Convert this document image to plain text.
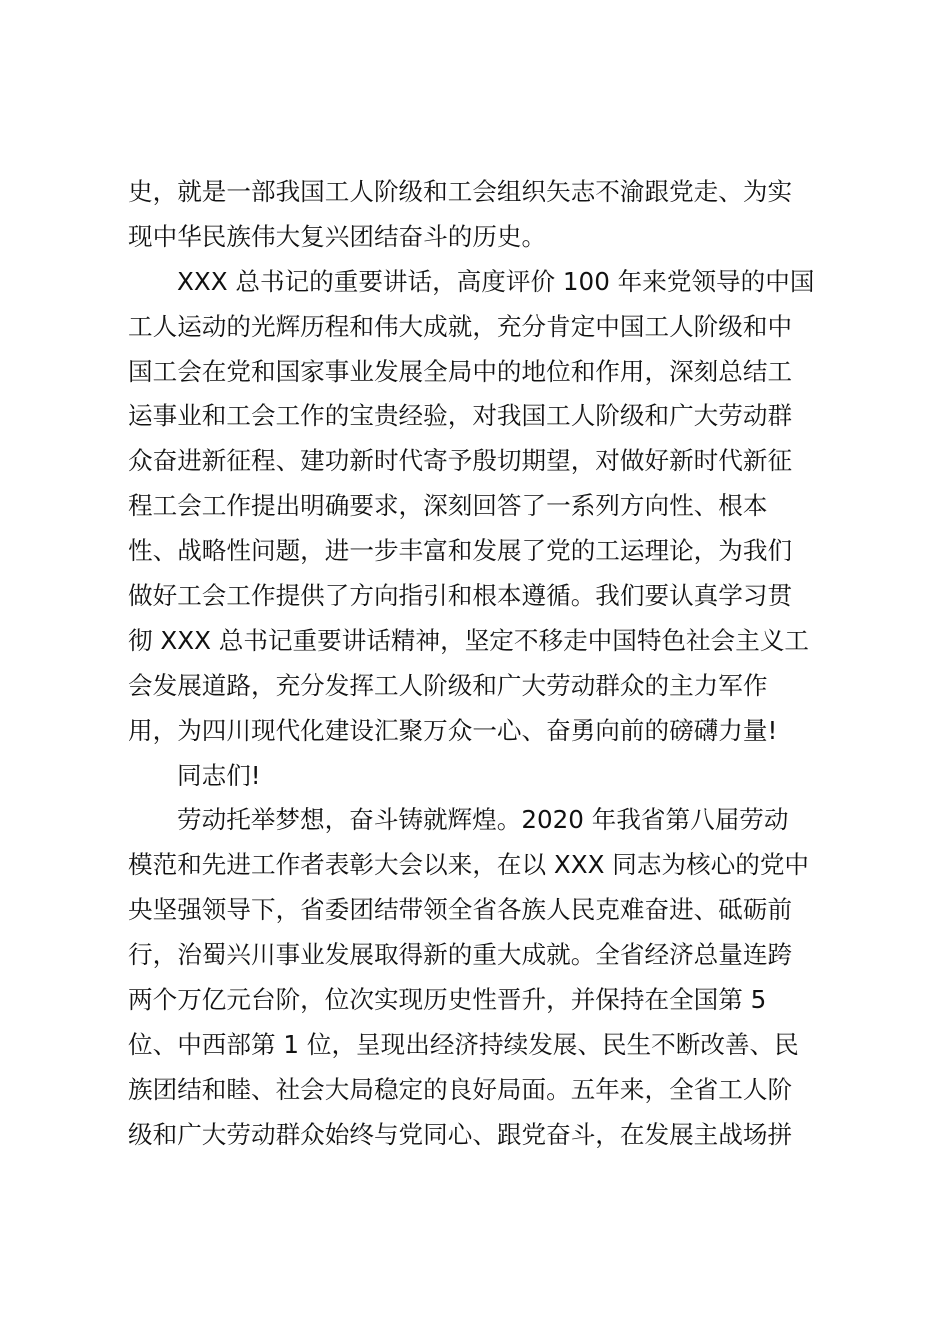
史，就是一部我国工人阶级和工会组织矢志不渝跟党走、为实
现中华民族伟大复兴团结奋斗的历史。
XXX 总书记的重要讲话，高度评价 100 年来党领导的中国
工人运动的光辉历程和伟大成就，充分肯定中国工人阶级和中
国工会在党和国家事业发展全局中的地位和作用，深刻总结工
运事业和工会工作的宝贵经验，对我国工人阶级和广大劳动群
众奋进新征程、建功新时代寄予殷切期望，对做好新时代新征
程工会工作提出明确要求，深刻回答了一系列方向性、根本
性、战略性问题，进一步丰富和发展了党的工运理论，为我们
做好工会工作提供了方向指引和根本遵循。我们要认真学习贯
彻 XXX 总书记重要讲话精神，坚定不移走中国特色社会主义工
会发展道路，充分发挥工人阶级和广大劳动群众的主力军作
用，为四川现代化建设汇聚万众一心、奋勇向前的磅礴力量!
同志们!
劳动托举梦想，奋斗铸就辉煌。2020 年我省第八届劳动
模范和先进工作者表彰大会以来，在以 XXX 同志为核心的党中
央坚强领导下，省委团结带领全省各族人民克难奋进、砥砺前
行，治蜀兴川事业发展取得新的重大成就。全省经济总量连跨
两个万亿元台阶，位次实现历史性晋升，并保持在全国第 5
位、中西部第 1 位，呈现出经济持续发展、民生不断改善、民
族团结和睦、社会大局稳定的良好局面。五年来，全省工人阶
级和广大劳动群众始终与党同心、跟党奋斗，在发展主战场拼
